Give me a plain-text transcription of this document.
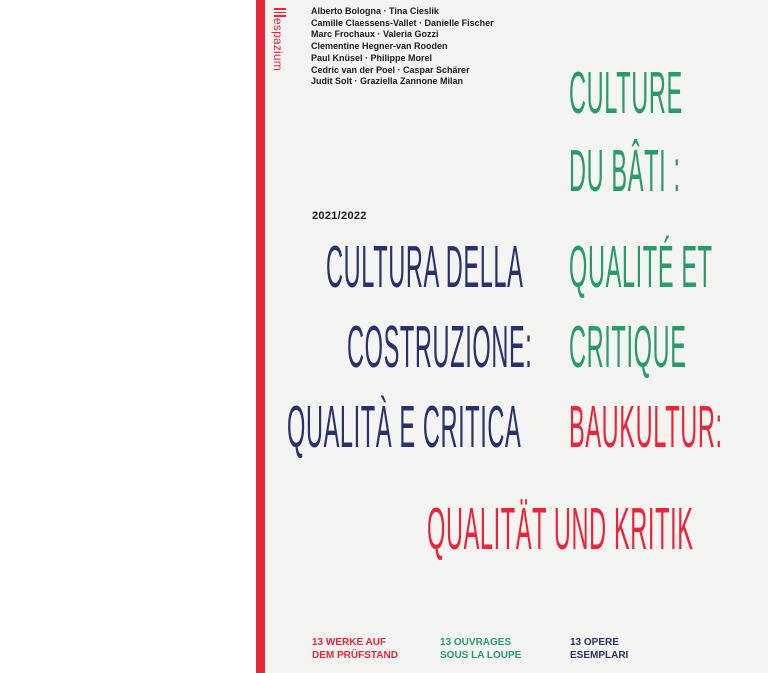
espazium
Alberto Bologna · Tina Cieslik
Camille Claessens-Vallet · Danielle Fischer
Marc Frochaux · Valeria Gozzi
Clementine Hegner-van Rooden
Paul Knüsel · Philippe Morel
Cedric van der Poel · Caspar Schärer
Judit Solt · Graziella Zannone Milan
2021/2022
CULTURA DELLA
COSTRUZIONE:
QUALITÀ E CRITICA
CULTURE
DU BÂTI :
QUALITÉ ET
CRITIQUE
BAUKULTUR:
QUALITÄT UND KRITIK
13 WERKE AUF
DEM PRÜFSTAND
13 OUVRAGES
SOUS LA LOUPE
13 OPERE
ESEMPLARI
